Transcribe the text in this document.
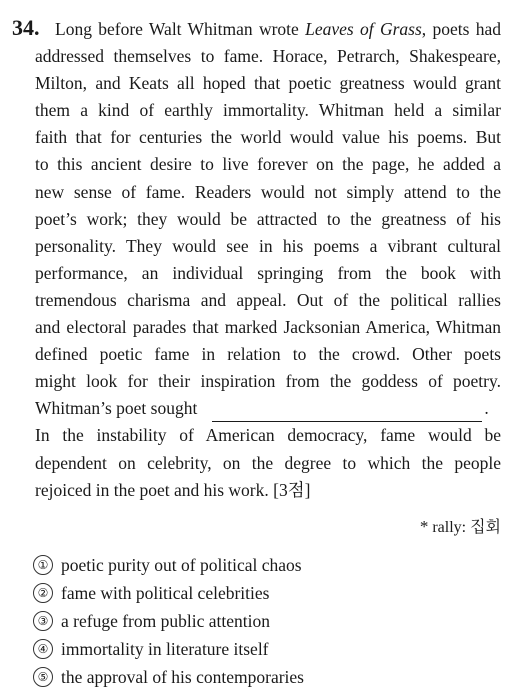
34. Long before Walt Whitman wrote Leaves of Grass, poets had
addressed themselves to fame. Horace, Petrarch, Shakespeare,
Milton, and Keats all hoped that poetic greatness would grant
them a kind of earthly immortality. Whitman held a similar
faith that for centuries the world would value his poems. But
to this ancient desire to live forever on the page, he added a
new sense of fame. Readers would not simply attend to the
poet’s work; they would be attracted to the greatness of his
personality. They would see in his poems a vibrant cultural
performance, an individual springing from the book with
tremendous charisma and appeal. Out of the political rallies
and electoral parades that marked Jacksonian America, Whitman
defined poetic fame in relation to the crowd. Other poets
might look for their inspiration from the goddess of poetry.
Whitman’s poet sought	.
In the instability of American democracy, fame would be
dependent on celebrity, on the degree to which the people
rejoiced in the poet and his work. [3점]
* rally: 집회
① poetic purity out of political chaos
② fame with political celebrities
③ a refuge from public attention
④ immortality in literature itself
⑤ the approval of his contemporaries
